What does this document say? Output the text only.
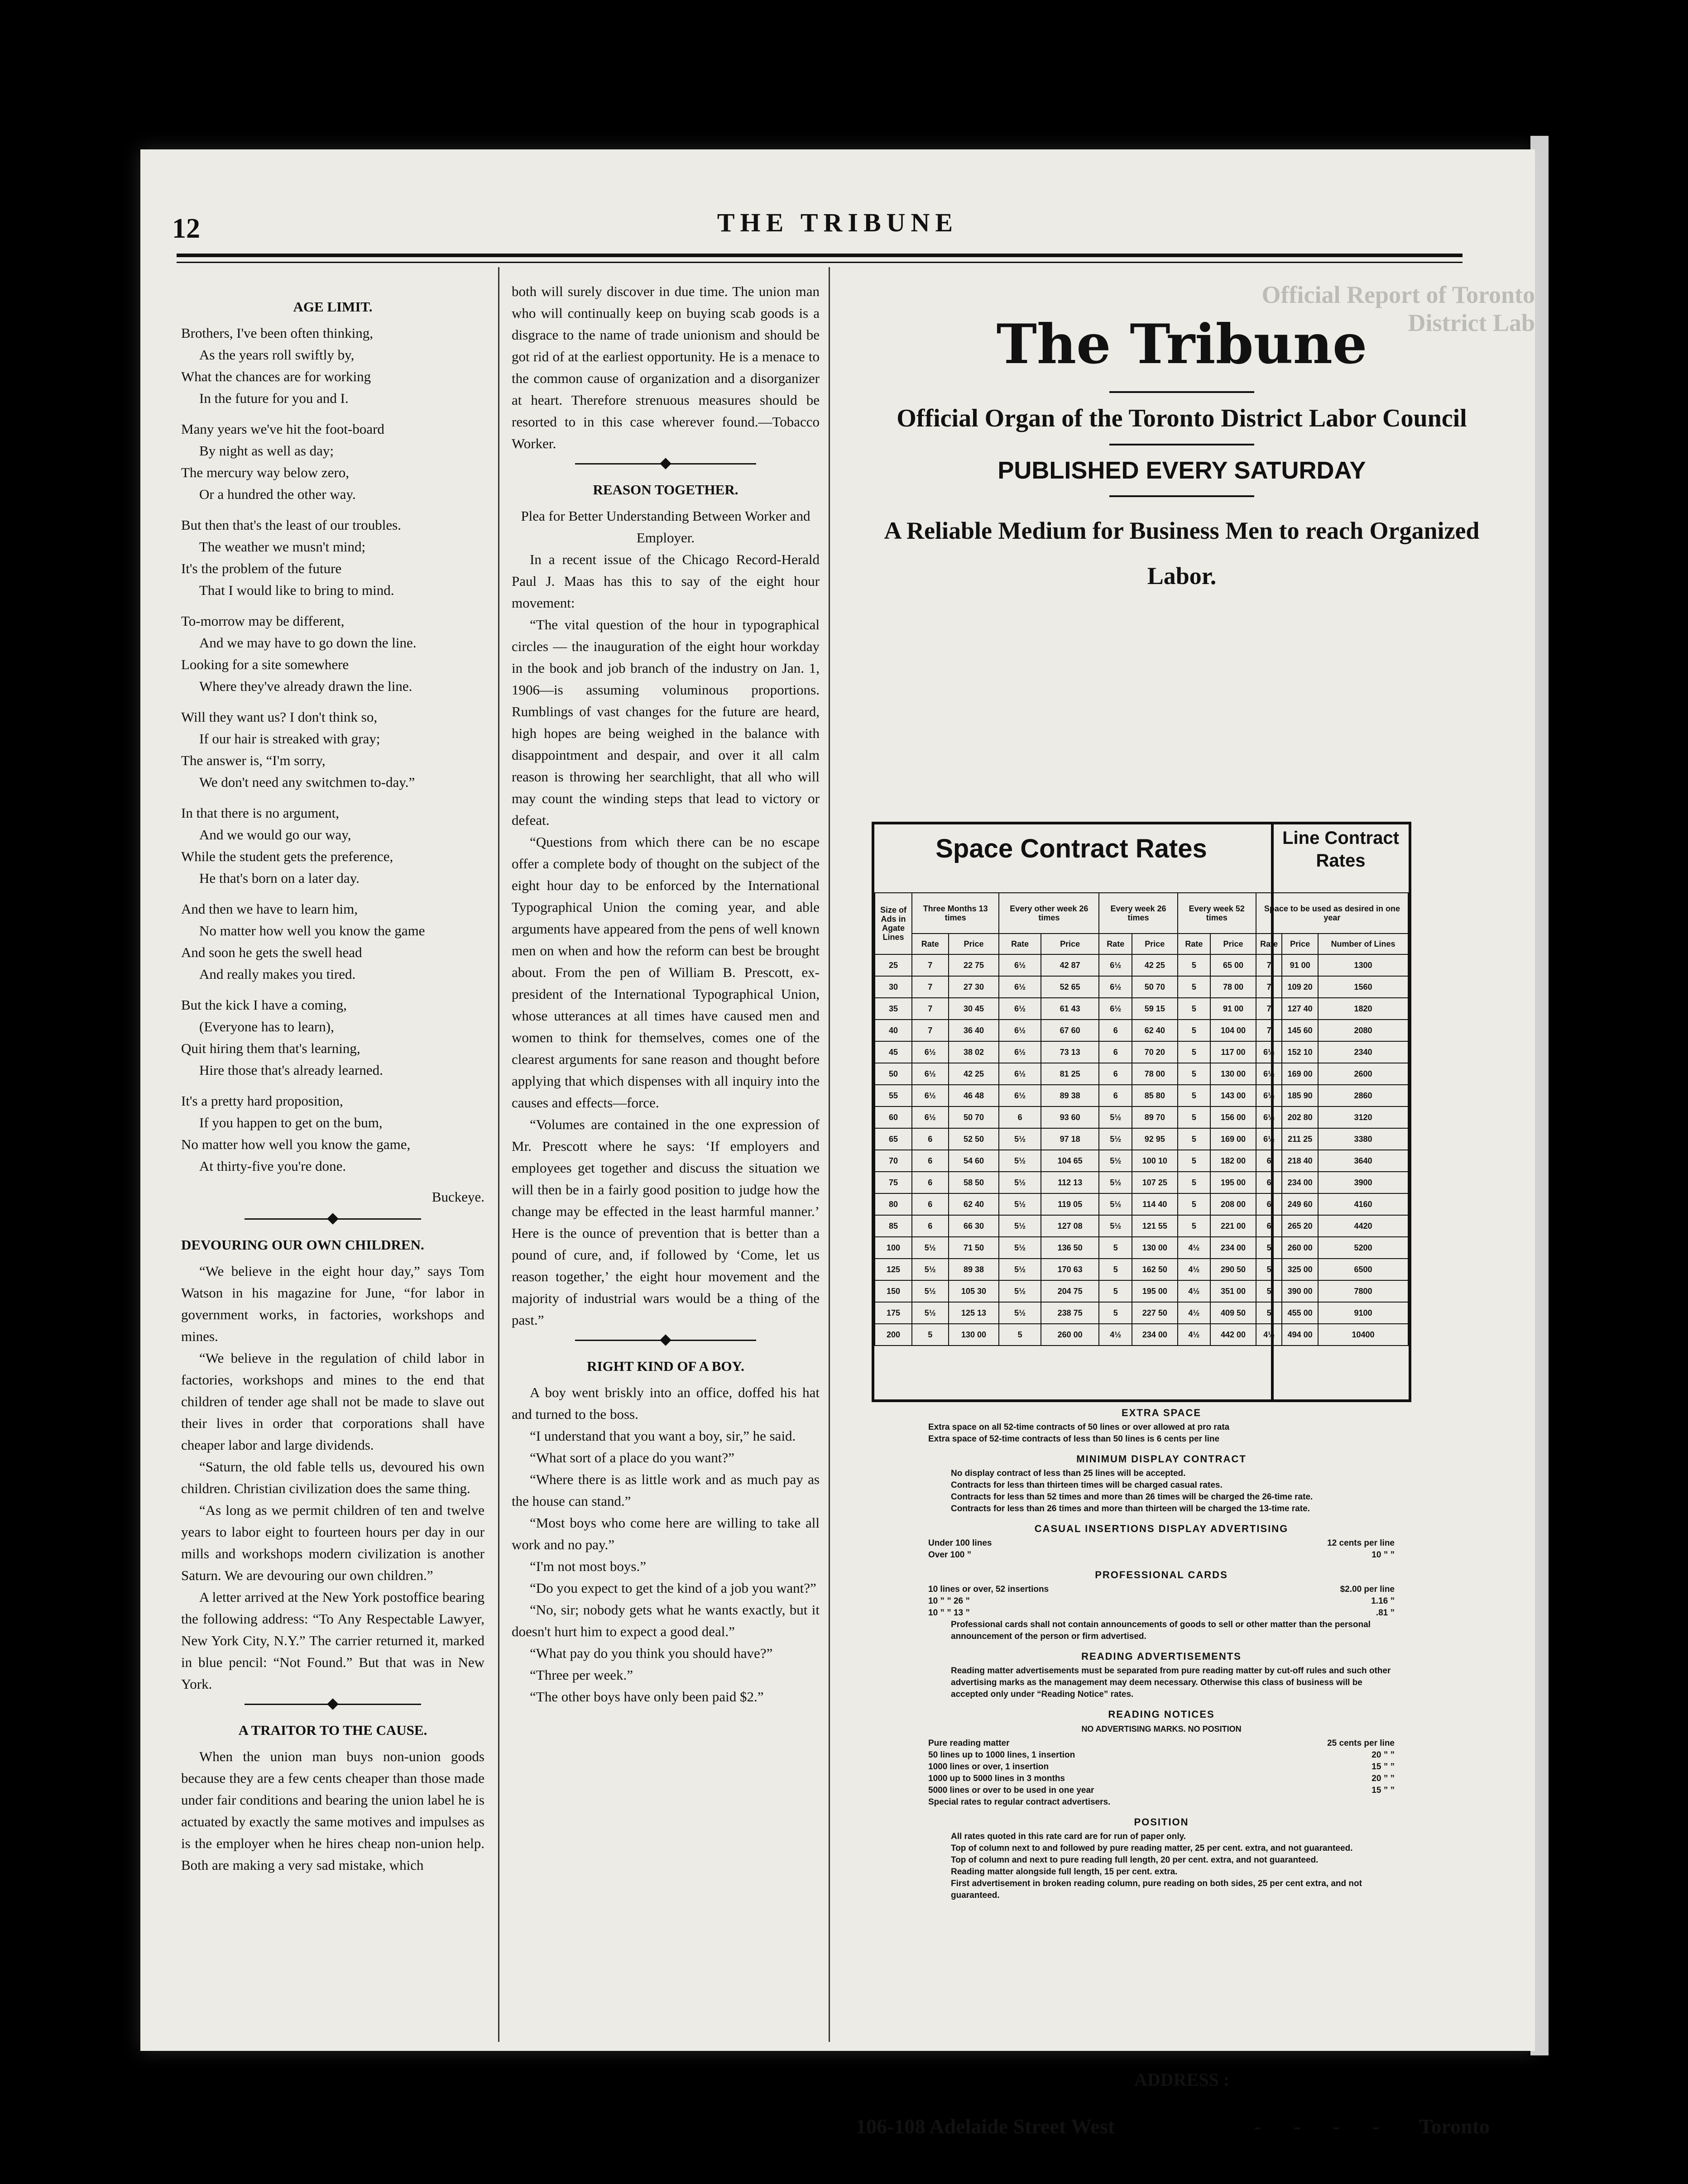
Official Report of Toronto
District Lab
12	THE TRIBUNE
AGE LIMIT.
Brothers, I've been often thinking,
As the years roll swiftly by,
What the chances are for working
In the future for you and I.
Many years we've hit the foot-board
By night as well as day;
The mercury way below zero,
Or a hundred the other way.
But then that's the least of our troubles.
The weather we musn't mind;
It's the problem of the future
That I would like to bring to mind.
To-morrow may be different,
And we may have to go down the line.
Looking for a site somewhere
Where they've already drawn the line.
Will they want us? I don't think so,
If our hair is streaked with gray;
The answer is, “I'm sorry,
We don't need any switchmen to-day.”
In that there is no argument,
And we would go our way,
While the student gets the preference,
He that's born on a later day.
And then we have to learn him,
No matter how well you know the game
And soon he gets the swell head
And really makes you tired.
But the kick I have a coming,
(Everyone has to learn),
Quit hiring them that's learning,
Hire those that's already learned.
It's a pretty hard proposition,
If you happen to get on the bum,
No matter how well you know the game,
At thirty-five you're done.
Buckeye.
DEVOURING OUR OWN CHILDREN.

“We believe in the eight hour day,” says Tom Watson in his magazine for June, “for labor in government works, in factories, workshops and mines.

“We believe in the regulation of child labor in factories, workshops and mines to the end that children of tender age shall not be made to slave out their lives in order that corporations shall have cheaper labor and large dividends.

“Saturn, the old fable tells us, devoured his own children. Christian civilization does the same thing.

“As long as we permit children of ten and twelve years to labor eight to fourteen hours per day in our mills and workshops modern civilization is another Saturn. We are devouring our own children.”

A letter arrived at the New York postoffice bearing the following address: “To Any Respectable Lawyer, New York City, N.Y.” The carrier returned it, marked in blue pencil: “Not Found.” But that was in New York.

A TRAITOR TO THE CAUSE.

When the union man buys non-union goods because they are a few cents cheaper than those made under fair conditions and bearing the union label he is actuated by exactly the same motives and impulses as is the employer when he hires cheap non-union help. Both are making a very sad mistake, which

both will surely discover in due time. The union man who will continually keep on buying scab goods is a disgrace to the name of trade unionism and should be got rid of at the earliest opportunity. He is a menace to the common cause of organization and a disorganizer at heart. Therefore strenuous measures should be resorted to in this case wherever found.—Tobacco Worker.

REASON TOGETHER.

Plea for Better Understanding Between Worker and Employer.

In a recent issue of the Chicago Record-Herald Paul J. Maas has this to say of the eight hour movement:

“The vital question of the hour in typographical circles — the inauguration of the eight hour workday in the book and job branch of the industry on Jan. 1, 1906—is assuming voluminous proportions. Rumblings of vast changes for the future are heard, high hopes are being weighed in the balance with disappointment and despair, and over it all calm reason is throwing her searchlight, that all who will may count the winding steps that lead to victory or defeat.

“Questions from which there can be no escape offer a complete body of thought on the subject of the eight hour day to be enforced by the International Typographical Union the coming year, and able arguments have appeared from the pens of well known men on when and how the reform can best be brought about. From the pen of William B. Prescott, ex-president of the International Typographical Union, whose utterances at all times have caused men and women to think for themselves, comes one of the clearest arguments for sane reason and thought before applying that which dispenses with all inquiry into the causes and effects—force.

“Volumes are contained in the one expression of Mr. Prescott where he says: ‘If employers and employees get together and discuss the situation we will then be in a fairly good position to judge how the change may be effected in the least harmful manner.’ Here is the ounce of prevention that is better than a pound of cure, and, if followed by ‘Come, let us reason together,’ the eight hour movement and the majority of industrial wars would be a thing of the past.”

RIGHT KIND OF A BOY.

A boy went briskly into an office, doffed his hat and turned to the boss.

“I understand that you want a boy, sir,” he said.

“What sort of a place do you want?”

“Where there is as little work and as much pay as the house can stand.”

“Most boys who come here are willing to take all work and no pay.”

“I'm not most boys.”

“Do you expect to get the kind of a job you want?”

“No, sir; nobody gets what he wants exactly, but it doesn't hurt him to expect a good deal.”

“What pay do you think you should have?”

“Three per week.”

“The other boys have only been paid $2.”

The Tribune
Official Organ of the Toronto District Labor Council
PUBLISHED EVERY SATURDAY
A Reliable Medium for Business Men to reach Organized
Labor.
Space Contract Rates	Line Contract Rates
Size of Ads in Agate Lines	Three Months 13 times		Every other week 26 times		Every week 26 times		Every week 52 times		Space to be used as desired in one year		
	Rate	Price	Rate	Price	Rate	Price	Rate	Price	Rate	Price	Number of Lines
25	7	22 75	6½	42 87	6½	42 25	5	65 00	7	91 00	1300
30	7	27 30	6½	52 65	6½	50 70	5	78 00	7	109 20	1560
35	7	30 45	6½	61 43	6½	59 15	5	91 00	7	127 40	1820
40	7	36 40	6½	67 60	6	62 40	5	104 00	7	145 60	2080
45	6½	38 02	6½	73 13	6	70 20	5	117 00	6½	152 10	2340
50	6½	42 25	6½	81 25	6	78 00	5	130 00	6½	169 00	2600
55	6½	46 48	6½	89 38	6	85 80	5	143 00	6½	185 90	2860
60	6½	50 70	6	93 60	5½	89 70	5	156 00	6½	202 80	3120
65	6	52 50	5½	97 18	5½	92 95	5	169 00	6½	211 25	3380
70	6	54 60	5½	104 65	5½	100 10	5	182 00	6	218 40	3640
75	6	58 50	5½	112 13	5½	107 25	5	195 00	6	234 00	3900
80	6	62 40	5½	119 05	5½	114 40	5	208 00	6	249 60	4160
85	6	66 30	5½	127 08	5½	121 55	5	221 00	6	265 20	4420
100	5½	71 50	5½	136 50	5	130 00	4½	234 00	5	260 00	5200
125	5½	89 38	5½	170 63	5	162 50	4½	290 50	5	325 00	6500
150	5½	105 30	5½	204 75	5	195 00	4½	351 00	5	390 00	7800
175	5½	125 13	5½	238 75	5	227 50	4½	409 50	5	455 00	9100
200	5	130 00	5	260 00	4½	234 00	4½	442 00	4½	494 00	10400
EXTRA SPACE
Extra space on all 52-time contracts of 50 lines or over allowed at pro rata
Extra space of 52-time contracts of less than 50 lines is 6 cents per line
MINIMUM DISPLAY CONTRACT
No display contract of less than 25 lines will be accepted.
Contracts for less than thirteen times will be charged casual rates.
Contracts for less than 52 times and more than 26 times will be charged the 26-time rate.
Contracts for less than 26 times and more than thirteen will be charged the 13-time rate.
CASUAL INSERTIONS DISPLAY ADVERTISING
Under 100 lines	12 cents per line
Over 100 ”	10 ” ”
PROFESSIONAL CARDS
10 lines or over, 52 insertions	$2.00 per line
10 ” ” 26 ”	1.16 ”
10 ” ” 13 ”	.81 ”
Professional cards shall not contain announcements of goods to sell or other matter than the personal announcement of the person or firm advertised.
READING ADVERTISEMENTS
Reading matter advertisements must be separated from pure reading matter by cut-off rules and such other advertising marks as the management may deem necessary. Otherwise this class of business will be accepted only under “Reading Notice” rates.
READING NOTICES
NO ADVERTISING MARKS. NO POSITION
Pure reading matter	25 cents per line
50 lines up to 1000 lines, 1 insertion	20 ” ”
1000 lines or over, 1 insertion	15 ” ”
1000 up to 5000 lines in 3 months	20 ” ”
5000 lines or over to be used in one year	15 ” ”
Special rates to regular contract advertisers.
POSITION
All rates quoted in this rate card are for run of paper only.
Top of column next to and followed by pure reading matter, 25 per cent. extra, and not guaranteed.
Top of column and next to pure reading full length, 20 per cent. extra, and not guaranteed.
Reading matter alongside full length, 15 per cent. extra.
First advertisement in broken reading column, pure reading on both sides, 25 per cent extra, and not guaranteed.
ADDRESS :
106-108 Adelaide Street West	- - - - Toronto
